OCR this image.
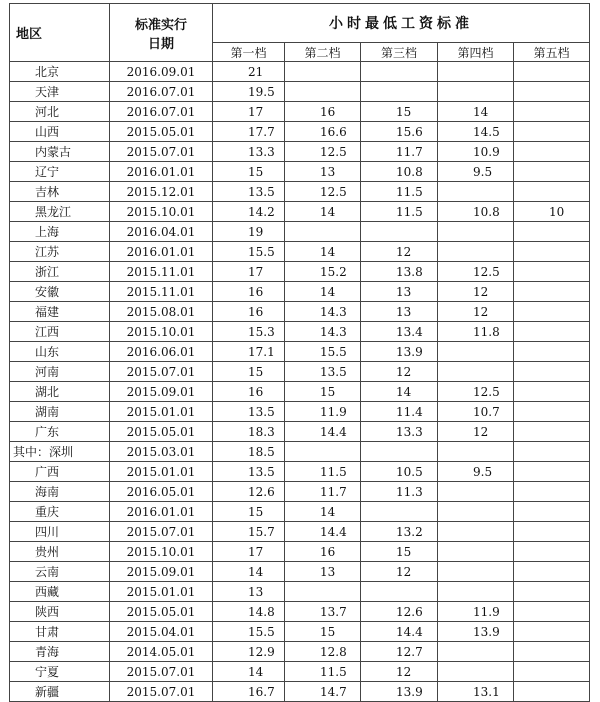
地区	标准实行
日期	小时最低工资标准				
		第一档	第二档	第三档	第四档	第五档
北京	2016.09.01	21				
天津	2016.07.01	19.5				
河北	2016.07.01	17	16	15	14	
山西	2015.05.01	17.7	16.6	15.6	14.5	
内蒙古	2015.07.01	13.3	12.5	11.7	10.9	
辽宁	2016.01.01	15	13	10.8	9.5	
吉林	2015.12.01	13.5	12.5	11.5		
黑龙江	2015.10.01	14.2	14	11.5	10.8	10
上海	2016.04.01	19				
江苏	2016.01.01	15.5	14	12		
浙江	2015.11.01	17	15.2	13.8	12.5	
安徽	2015.11.01	16	14	13	12	
福建	2015.08.01	16	14.3	13	12	
江西	2015.10.01	15.3	14.3	13.4	11.8	
山东	2016.06.01	17.1	15.5	13.9		
河南	2015.07.01	15	13.5	12		
湖北	2015.09.01	16	15	14	12.5	
湖南	2015.01.01	13.5	11.9	11.4	10.7	
广东	2015.05.01	18.3	14.4	13.3	12	
其中：深圳	2015.03.01	18.5				
广西	2015.01.01	13.5	11.5	10.5	9.5	
海南	2016.05.01	12.6	11.7	11.3		
重庆	2016.01.01	15	14			
四川	2015.07.01	15.7	14.4	13.2		
贵州	2015.10.01	17	16	15		
云南	2015.09.01	14	13	12		
西藏	2015.01.01	13				
陕西	2015.05.01	14.8	13.7	12.6	11.9	
甘肃	2015.04.01	15.5	15	14.4	13.9	
青海	2014.05.01	12.9	12.8	12.7		
宁夏	2015.07.01	14	11.5	12		
新疆	2015.07.01	16.7	14.7	13.9	13.1	
